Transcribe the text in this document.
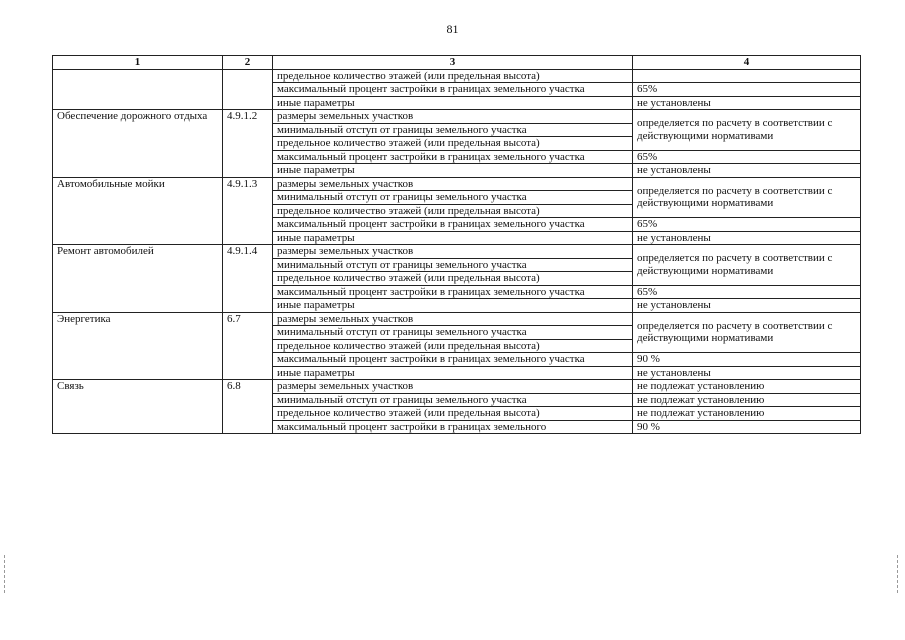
81
1	2	3	4
		предельное количество этажей (или предельная высота)	
		максимальный процент застройки в границах земельного участка	65%
		иные параметры	не установлены
Обеспечение дорожного отдыха	4.9.1.2	размеры земельных участков	определяется по расчету в соответствии с действующими нормативами
		минимальный отступ от границы земельного участка	
		предельное количество этажей (или предельная высота)	
		максимальный процент застройки в границах земельного участка	65%
		иные параметры	не установлены
Автомобильные мойки	4.9.1.3	размеры земельных участков	определяется по расчету в соответствии с действующими нормативами
		минимальный отступ от границы земельного участка	
		предельное количество этажей (или предельная высота)	
		максимальный процент застройки в границах земельного участка	65%
		иные параметры	не установлены
Ремонт автомобилей	4.9.1.4	размеры земельных участков	определяется по расчету в соответствии с действующими нормативами
		минимальный отступ от границы земельного участка	
		предельное количество этажей (или предельная высота)	
		максимальный процент застройки в границах земельного участка	65%
		иные параметры	не установлены
Энергетика	6.7	размеры земельных участков	определяется по расчету в соответствии с действующими нормативами
		минимальный отступ от границы земельного участка	
		предельное количество этажей (или предельная высота)	
		максимальный процент застройки в границах земельного участка	90 %
		иные параметры	не установлены
Связь	6.8	размеры земельных участков	не подлежат установлению
		минимальный отступ от границы земельного участка	не подлежат установлению
		предельное количество этажей (или предельная высота)	не подлежат установлению
		максимальный процент застройки в границах земельного	90 %
